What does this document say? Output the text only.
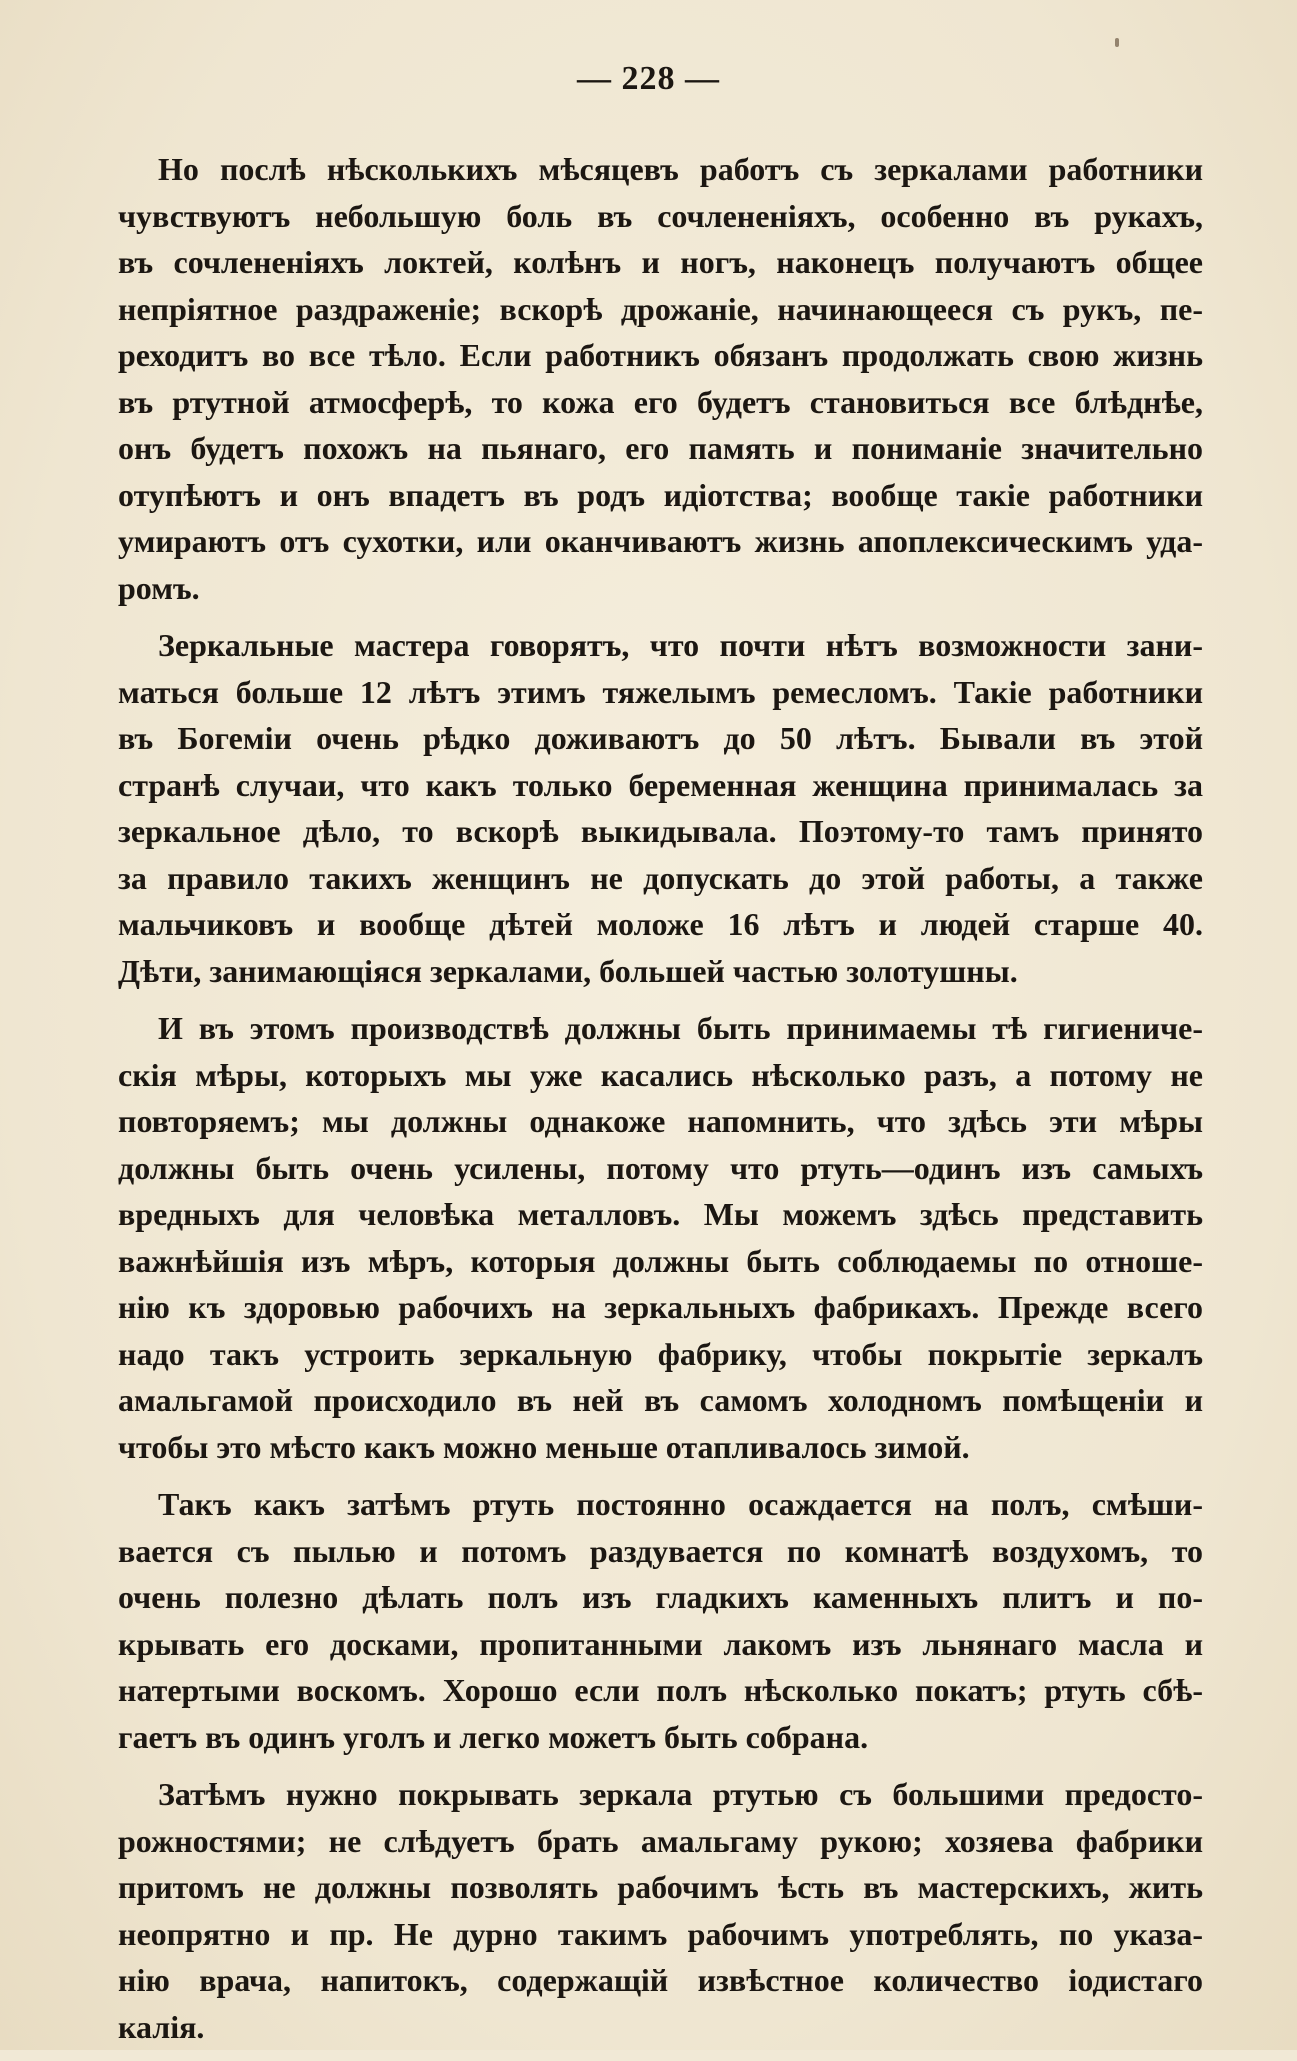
— 228 —
Но послѣ нѣсколькихъ мѣсяцевъ работъ съ зеркалами работники
чувствуютъ небольшую боль въ сочлененіяхъ, особенно въ рукахъ,
въ сочлененіяхъ локтей, колѣнъ и ногъ, наконецъ получаютъ общее
непріятное раздраженіе; вскорѣ дрожаніе, начинающееся съ рукъ, пе-
реходитъ во все тѣло. Если работникъ обязанъ продолжать свою жизнь
въ ртутной атмосферѣ, то кожа его будетъ становиться все блѣднѣе,
онъ будетъ похожъ на пьянаго, его память и пониманіе значительно
отупѣютъ и онъ впадетъ въ родъ идіотства; вообще такіе работники
умираютъ отъ сухотки, или оканчиваютъ жизнь апоплексическимъ уда-
ромъ.
Зеркальные мастера говорятъ, что почти нѣтъ возможности зани-
маться больше 12 лѣтъ этимъ тяжелымъ ремесломъ. Такіе работники
въ Богеміи очень рѣдко доживаютъ до 50 лѣтъ. Бывали въ этой
странѣ случаи, что какъ только беременная женщина принималась за
зеркальное дѣло, то вскорѣ выкидывала. Поэтому-то тамъ принято
за правило такихъ женщинъ не допускать до этой работы, а также
мальчиковъ и вообще дѣтей моложе 16 лѣтъ и людей старше 40.
Дѣти, занимающіяся зеркалами, большей частью золотушны.
И въ этомъ производствѣ должны быть принимаемы тѣ гигиениче-
скія мѣры, которыхъ мы уже касались нѣсколько разъ, а потому не
повторяемъ; мы должны однакоже напомнить, что здѣсь эти мѣры
должны быть очень усилены, потому что ртуть—одинъ изъ самыхъ
вредныхъ для человѣка металловъ. Мы можемъ здѣсь представить
важнѣйшія изъ мѣръ, которыя должны быть соблюдаемы по отноше-
нію къ здоровью рабочихъ на зеркальныхъ фабрикахъ. Прежде всего
надо такъ устроить зеркальную фабрику, чтобы покрытіе зеркалъ
амальгамой происходило въ ней въ самомъ холодномъ помѣщеніи и
чтобы это мѣсто какъ можно меньше отапливалось зимой.
Такъ какъ затѣмъ ртуть постоянно осаждается на полъ, смѣши-
вается съ пылью и потомъ раздувается по комнатѣ воздухомъ, то
очень полезно дѣлать полъ изъ гладкихъ каменныхъ плитъ и по-
крывать его досками, пропитанными лакомъ изъ льнянаго масла и
натертыми воскомъ. Хорошо если полъ нѣсколько покатъ; ртуть сбѣ-
гаетъ въ одинъ уголъ и легко можетъ быть собрана.
Затѣмъ нужно покрывать зеркала ртутью съ большими предосто-
рожностями; не слѣдуетъ брать амальгаму рукою; хозяева фабрики
притомъ не должны позволять рабочимъ ѣсть въ мастерскихъ, жить
неопрятно и пр. Не дурно такимъ рабочимъ употреблять, по указа-
нію врача, напитокъ, содержащій извѣстное количество іодистаго
калія.
